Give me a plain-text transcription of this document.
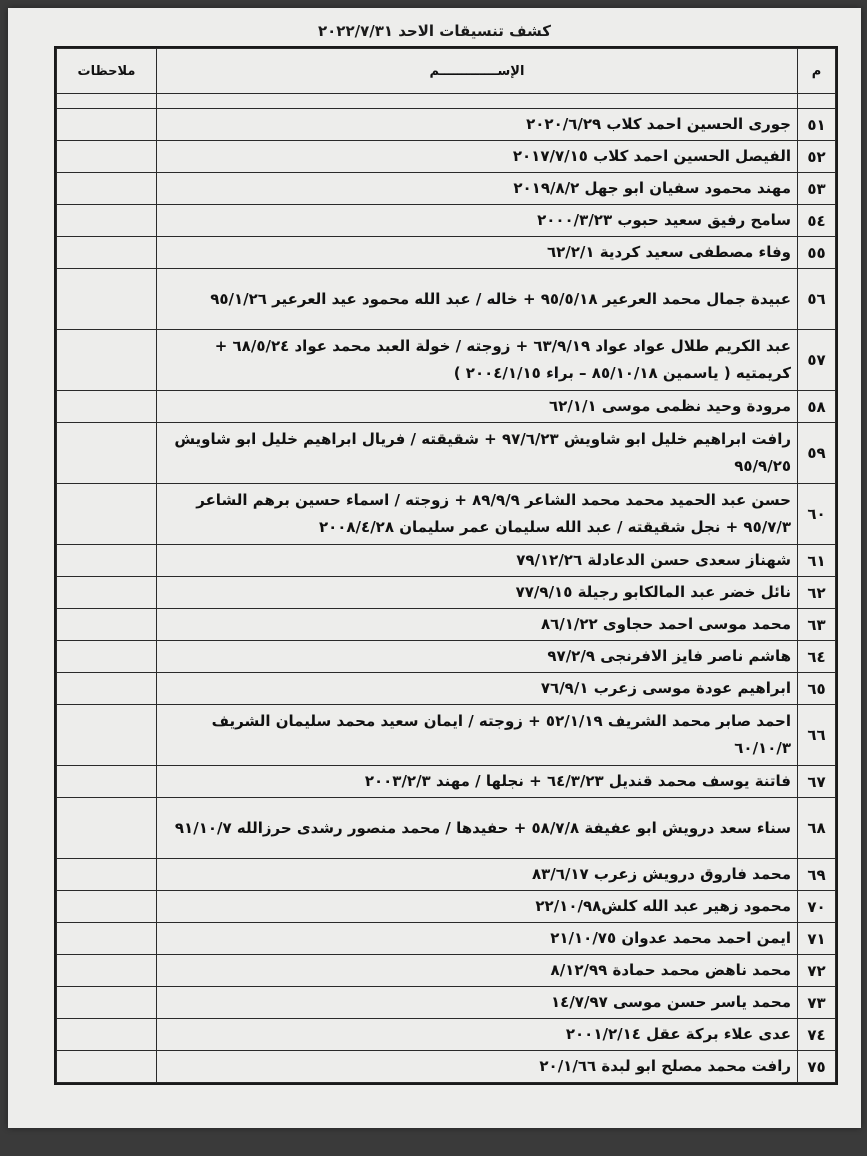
كشف تنسيقات الاحد ٢٠٢٢/٧/٣١
م	الإســـــــــــــم	ملاحظات

٥١	جورى الحسين احمد كلاب ٢٠٢٠/٦/٢٩	
٥٢	الفيصل الحسين احمد كلاب ٢٠١٧/٧/١٥	
٥٣	مهند محمود سفيان ابو جهل ٢٠١٩/٨/٢	
٥٤	سامح رفيق سعيد حبوب ٢٠٠٠/٣/٢٣	
٥٥	وفاء مصطفى سعيد كردية ٦٢/٢/١	
٥٦	عبيدة جمال محمد العرعير ٩٥/٥/١٨ + خاله / عبد الله محمود عيد العرعير ٩٥/١/٢٦	
٥٧	عبد الكريم طلال عواد عواد ٦٣/٩/١٩ + زوجته / خولة العبد محمد عواد ٦٨/٥/٢٤ + كريمتيه ( ياسمين ٨٥/١٠/١٨ – براء ٢٠٠٤/١/١٥ )	
٥٨	مرودة وحيد نظمى موسى ٦٢/١/١	
٥٩	رافت ابراهيم خليل ابو شاويش ٩٧/٦/٢٣ + شقيقته / فريال ابراهيم خليل ابو شاويش ٩٥/٩/٢٥	
٦٠	حسن عبد الحميد محمد محمد الشاعر ٨٩/٩/٩ + زوجته / اسماء حسين برهم الشاعر ٩٥/٧/٣ + نجل شقيقته / عبد الله سليمان عمر سليمان ٢٠٠٨/٤/٢٨	
٦١	شهناز سعدى حسن الدعادلة ٧٩/١٢/٢٦	
٦٢	نائل خضر عبد المالكابو رجيلة ٧٧/٩/١٥	
٦٣	محمد موسى احمد حجاوى ٨٦/١/٢٢	
٦٤	هاشم ناصر فايز الافرنجى ٩٧/٢/٩	
٦٥	ابراهيم عودة موسى زعرب ٧٦/٩/١	
٦٦	احمد صابر محمد الشريف ٥٢/١/١٩ + زوجته / ايمان سعيد محمد سليمان الشريف ٦٠/١٠/٣	
٦٧	فاتنة يوسف محمد قنديل ٦٤/٣/٢٣ + نجلها / مهند ٢٠٠٣/٢/٣	
٦٨	سناء سعد درويش ابو عفيفة ٥٨/٧/٨ + حفيدها / محمد منصور رشدى حرزالله ٩١/١٠/٧	
٦٩	محمد فاروق درويش زعرب ٨٣/٦/١٧	
٧٠	محمود زهير عبد الله كلش٢٢/١٠/٩٨	
٧١	ايمن احمد محمد عدوان ٢١/١٠/٧٥	
٧٢	محمد ناهض محمد حمادة ٨/١٢/٩٩	
٧٣	محمد ياسر حسن موسى ١٤/٧/٩٧	
٧٤	عدى علاء بركة عقل ٢٠٠١/٢/١٤	
٧٥	رافت محمد مصلح ابو لبدة ٢٠/١/٦٦	
